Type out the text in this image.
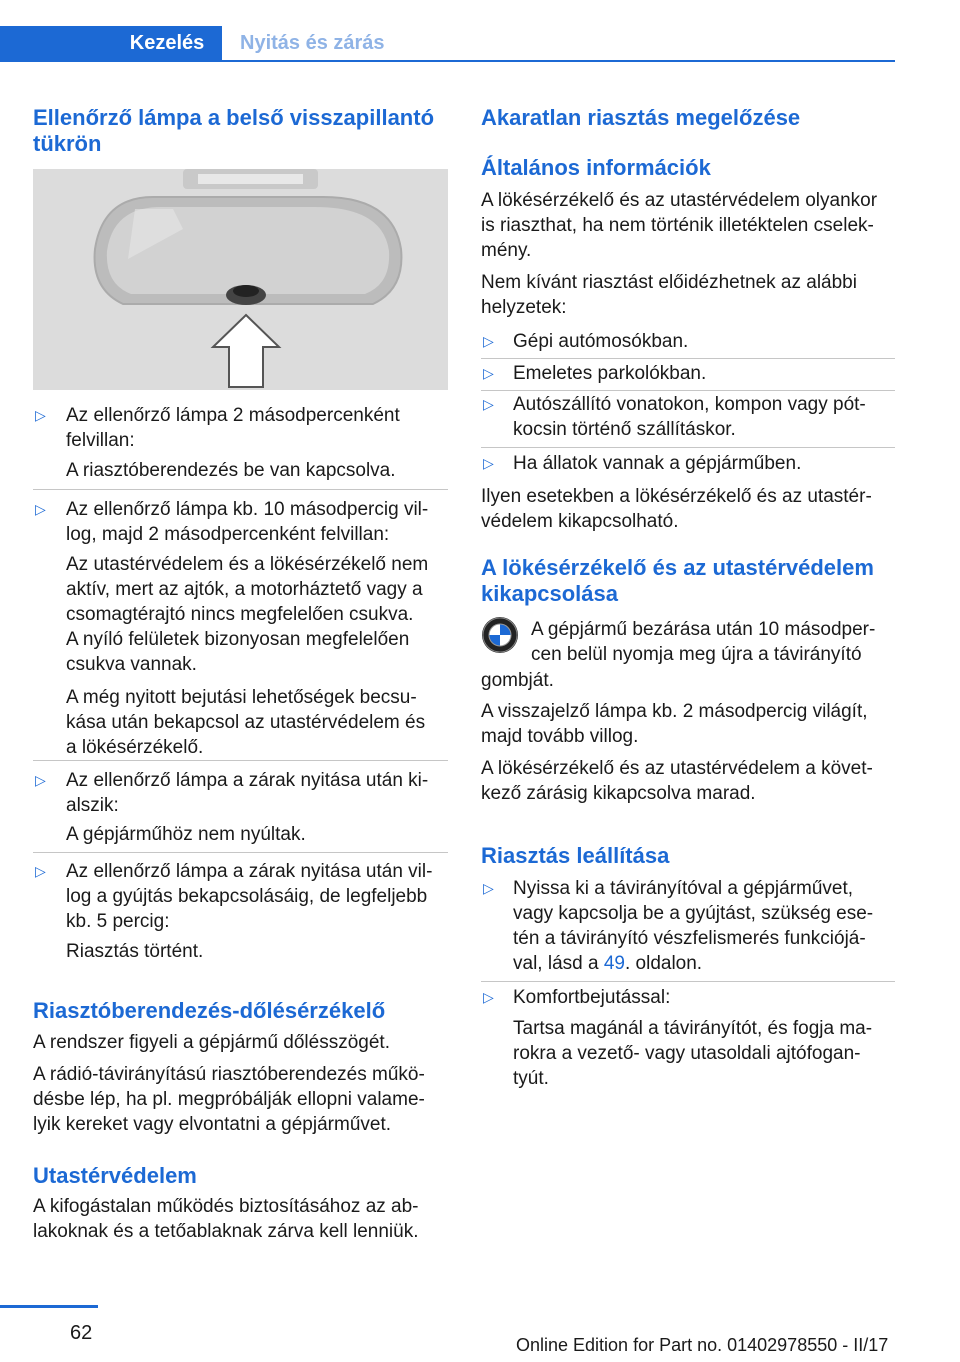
Kezelés Nyitás és zárás
Ellenőrző lámpa a belső visszapillantó
tükrön
▷ Az ellenőrző lámpa 2 másodpercenként
felvillan:

A riasztóberendezés be van kapcsolva.

▷ Az ellenőrző lámpa kb. 10 másodpercig vil‐
log, majd 2 másodpercenként felvillan:

Az utastérvédelem és a lökésérzékelő nem
aktív, mert az ajtók, a motorháztető vagy a
csomagtérajtó nincs megfelelően csukva.
A nyíló felületek bizonyosan megfelelően
csukva vannak.

A még nyitott bejutási lehetőségek becsu‐
kása után bekapcsol az utastérvédelem és
a lökésérzékelő.

▷ Az ellenőrző lámpa a zárak nyitása után ki‐
alszik:

A gépjárműhöz nem nyúltak.

▷ Az ellenőrző lámpa a zárak nyitása után vil‐
log a gyújtás bekapcsolásáig, de legfeljebb
kb. 5 percig:

Riasztás történt.

Riasztóberendezés-dőlésérzékelő

A rendszer figyeli a gépjármű dőlésszögét.

A rádió-távirányítású riasztóberendezés műkö‐
désbe lép, ha pl. megpróbálják ellopni valame‐
lyik kereket vagy elvontatni a gépjárművet.

Utastérvédelem

A kifogástalan működés biztosításához az ab‐
lakoknak és a tetőablaknak zárva kell lenniük.

Akaratlan riasztás megelőzése
Általános információk

A lökésérzékelő és az utastérvédelem olyankor
is riaszthat, ha nem történik illetéktelen cselek‐
mény.

Nem kívánt riasztást előidézhetnek az alábbi
helyzetek:

▷ Gépi autómosókban.

▷ Emeletes parkolókban.

▷ Autószállító vonatokon, kompon vagy pót‐
kocsin történő szállításkor.

▷ Ha állatok vannak a gépjárműben.

Ilyen esetekben a lökésérzékelő és az utastér‐
védelem kikapcsolható.

A lökésérzékelő és az utastérvédelem
kikapcsolása

A gépjármű bezárása után 10 másodper‐
cen belül nyomja meg újra a távirányító

gombját.

A visszajelző lámpa kb. 2 másodpercig világít,
majd tovább villog.

A lökésérzékelő és az utastérvédelem a követ‐
kező zárásig kikapcsolva marad.

Riasztás leállítása
▷ Nyissa ki a távirányítóval a gépjárművet,
vagy kapcsolja be a gyújtást, szükség ese‐
tén a távirányító vészfelismerés funkciójá‐
val, lásd a 49. oldalon.

▷ Komfortbejutással:

Tartsa magánál a távirányítót, és fogja ma‐
rokra a vezető- vagy utasoldali ajtófogan‐
tyút.

62
Online Edition for Part no. 01402978550 - II/17
